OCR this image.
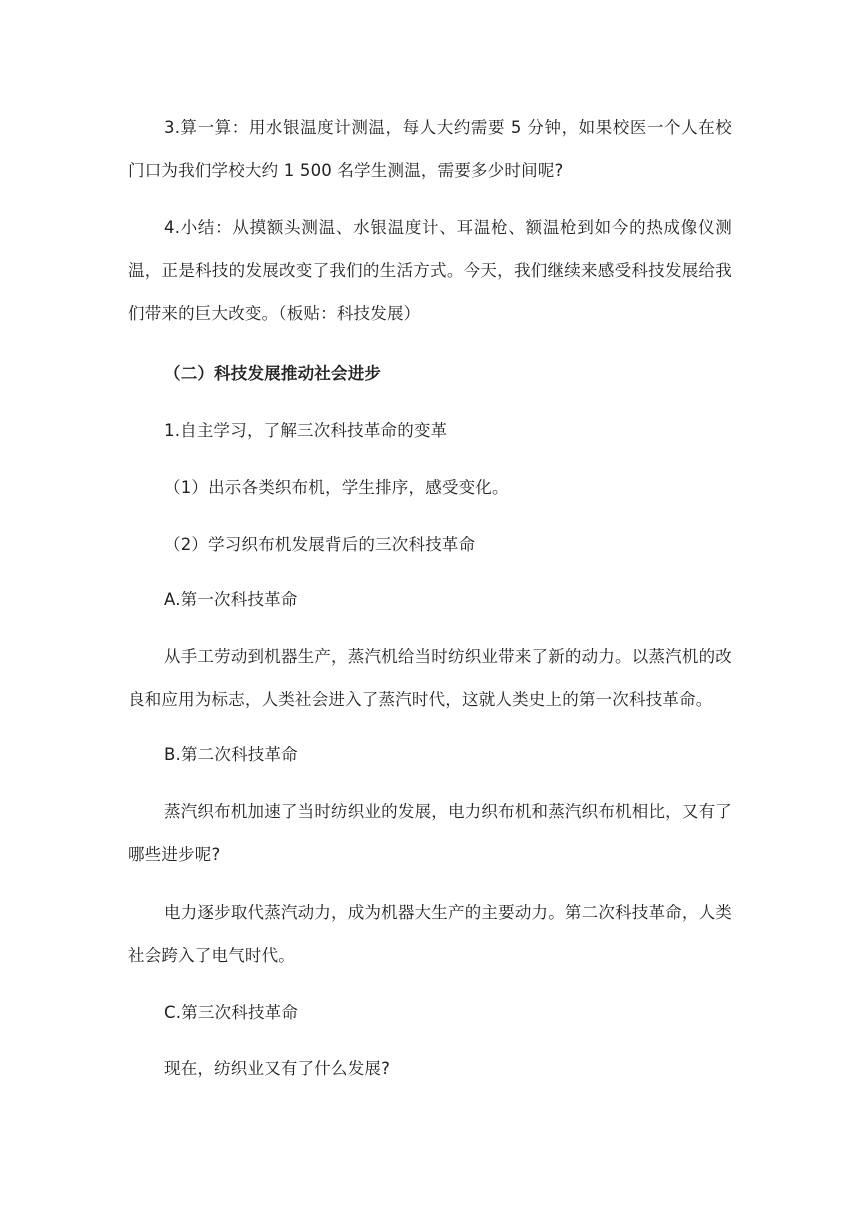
3.算一算：用水银温度计测温，每人大约需要 5 分钟，如果校医一个人在校门口为我们学校大约 1 500 名学生测温，需要多少时间呢?

4.小结：从摸额头测温、水银温度计、耳温枪、额温枪到如今的热成像仪测温，正是科技的发展改变了我们的生活方式。今天，我们继续来感受科技发展给我们带来的巨大改变。（板贴：科技发展）

（二）科技发展推动社会进步

1.自主学习，了解三次科技革命的变革

（1）出示各类织布机，学生排序，感受变化。

（2）学习织布机发展背后的三次科技革命

A.第一次科技革命

从手工劳动到机器生产，蒸汽机给当时纺织业带来了新的动力。以蒸汽机的改良和应用为标志，人类社会进入了蒸汽时代，这就人类史上的第一次科技革命。

B.第二次科技革命

蒸汽织布机加速了当时纺织业的发展，电力织布机和蒸汽织布机相比，又有了哪些进步呢?

电力逐步取代蒸汽动力，成为机器大生产的主要动力。第二次科技革命，人类社会跨入了电气时代。

C.第三次科技革命

现在，纺织业又有了什么发展?
